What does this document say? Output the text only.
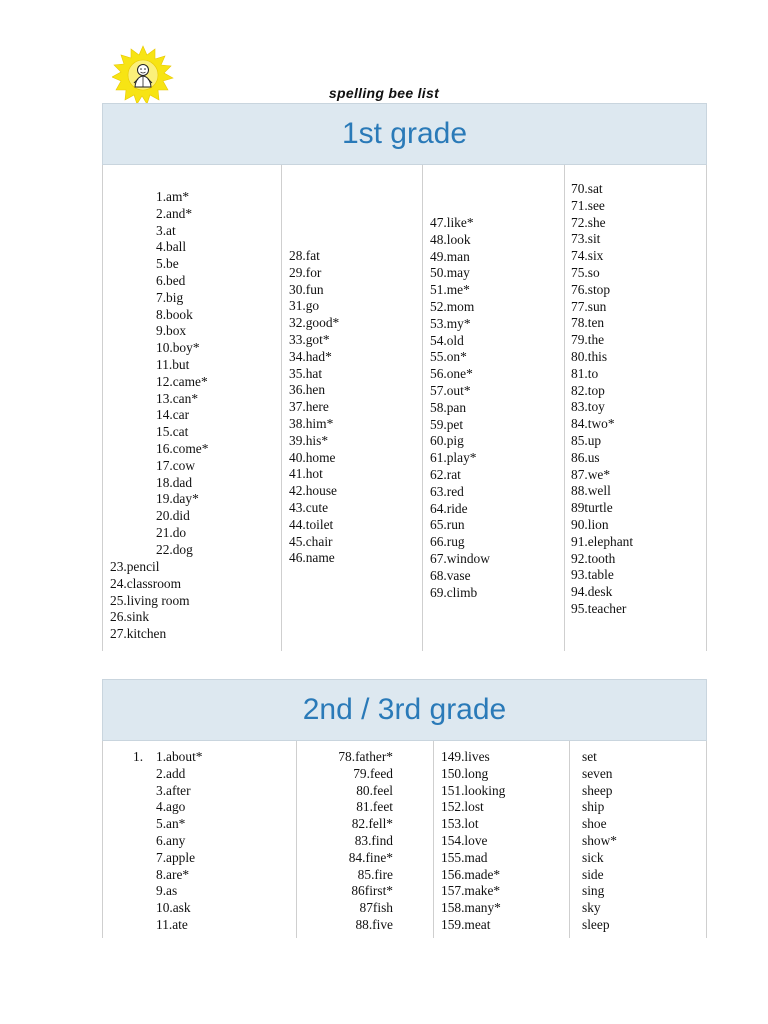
spelling bee list
1st grade
1.am*
2.and*
3.at
4.ball
5.be
6.bed
7.big
8.book
9.box
10.boy*
11.but
12.came*
13.can*
14.car
15.cat
16.come*
17.cow
18.dad
19.day*
20.did
21.do
22.dog
23.pencil
24.classroom
25.living room
26.sink
27.kitchen
28.fat
29.for
30.fun
31.go
32.good*
33.got*
34.had*
35.hat
36.hen
37.here
38.him*
39.his*
40.home
41.hot
42.house
43.cute
44.toilet
45.chair
46.name
47.like*
48.look
49.man
50.may
51.me*
52.mom
53.my*
54.old
55.on*
56.one*
57.out*
58.pan
59.pet
60.pig
61.play*
62.rat
63.red
64.ride
65.run
66.rug
67.window
68.vase
69.climb
70.sat
71.see
72.she
73.sit
74.six
75.so
76.stop
77.sun
78.ten
79.the
80.this
81.to
82.top
83.toy
84.two*
85.up
86.us
87.we*
88.well
89turtle
90.lion
91.elephant
92.tooth
93.table
94.desk
95.teacher
2nd / 3rd grade
1. 1.about*
2.add
3.after
4.ago
5.an*
6.any
7.apple
8.are*
9.as
10.ask
11.ate
78.father*
79.feed
80.feel
81.feet
82.fell*
83.find
84.fine*
85.fire
86first*
87fish
88.five
149.lives
150.long
151.looking
152.lost
153.lot
154.love
155.mad
156.made*
157.make*
158.many*
159.meat
set
seven
sheep
ship
shoe
show*
sick
side
sing
sky
sleep
